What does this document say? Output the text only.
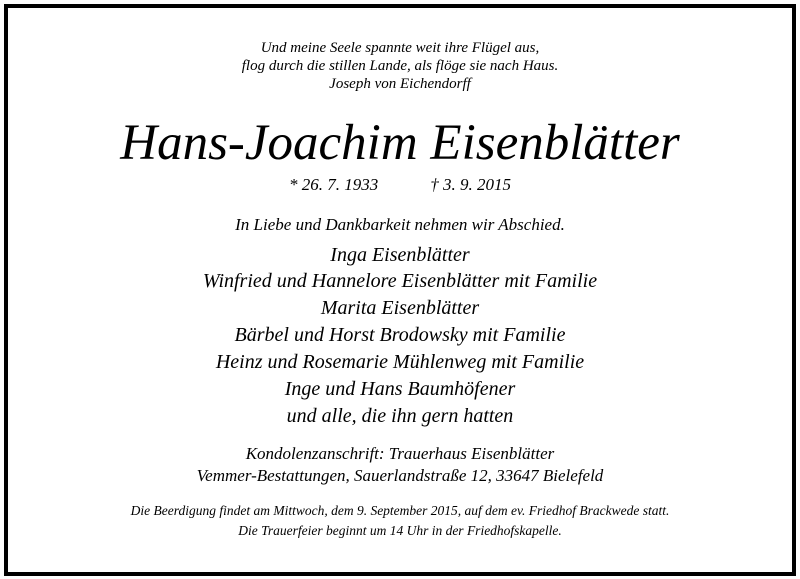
Und meine Seele spannte weit ihre Flügel aus,
flog durch die stillen Lande, als flöge sie nach Haus.
Joseph von Eichendorff
Hans-Joachim Eisenblätter
* 26. 7. 1933	† 3. 9. 2015
In Liebe und Dankbarkeit nehmen wir Abschied.
Inga Eisenblätter
Winfried und Hannelore Eisenblätter mit Familie
Marita Eisenblätter
Bärbel und Horst Brodowsky mit Familie
Heinz und Rosemarie Mühlenweg mit Familie
Inge und Hans Baumhöfener
und alle, die ihn gern hatten
Kondolenzanschrift: Trauerhaus Eisenblätter
Vemmer-Bestattungen, Sauerlandstraße 12, 33647 Bielefeld
Die Beerdigung findet am Mittwoch, dem 9. September 2015, auf dem ev. Friedhof Brackwede statt.
Die Trauerfeier beginnt um 14 Uhr in der Friedhofskapelle.
